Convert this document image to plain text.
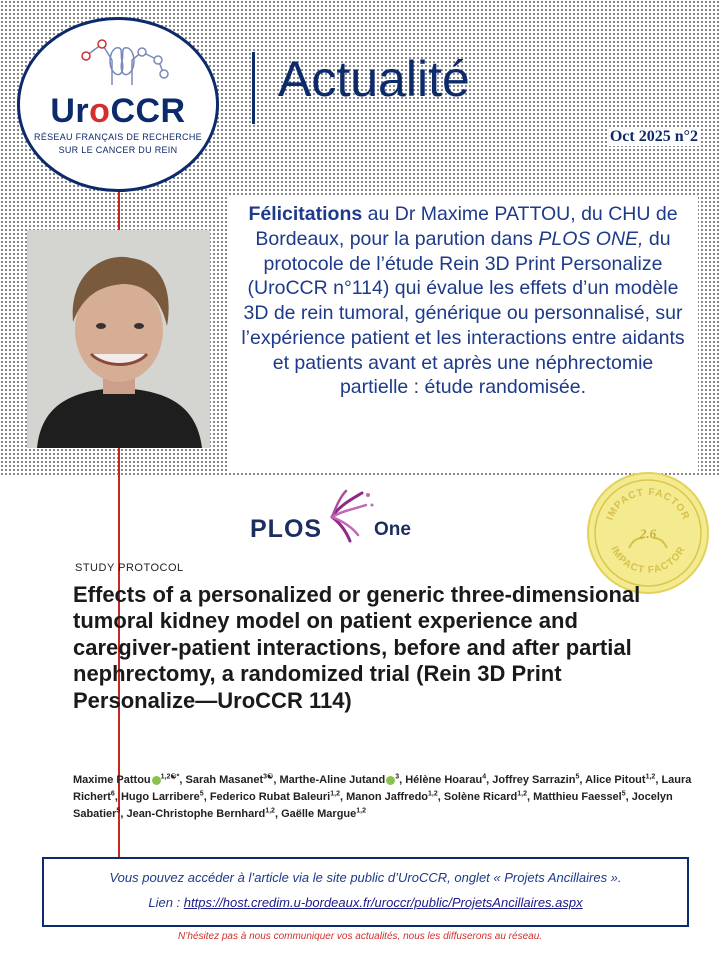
UroCCR
RÉSEAU FRANÇAIS DE RECHERCHE
SUR LE CANCER DU REIN
Actualité
Oct 2025 n°2
Félicitations au Dr Maxime PATTOU, du CHU de Bordeaux, pour la parution dans PLOS ONE, du protocole de l’étude Rein 3D Print Personalize (UroCCR n°114) qui évalue les effets d’un modèle 3D de rein tumoral, générique ou personnalisé, sur l’expérience patient et les interactions entre aidants et patients avant et après une néphrectomie partielle : étude randomisée.
PLOS	One
IMPACT FACTOR
IMPACT FACTOR
2.6
STUDY PROTOCOL
Effects of a personalized or generic three-dimensional tumoral kidney model on patient experience and caregiver-patient interactions, before and after partial nephrectomy, a randomized trial (Rein 3D Print Personalize—UroCCR 114)
Maxime Pattou $^{1,2☯*}$, Sarah Masanet$^{3☯}$, Marthe-Aline Jutand $^3$, Hélène Hoarau$^4$, Joffrey Sarrazin$^5$, Alice Pitout$^{1,2}$, Laura Richert$^6$, Hugo Larribere$^5$, Federico Rubat Baleuri$^{1,2}$, Manon Jaffredo$^{1,2}$, Solène Ricard$^{1,2}$, Matthieu Faessel$^5$, Jocelyn Sabatier$^5$, Jean-Christophe Bernhard$^{1,2}$, Gaëlle Margue$^{1,2}$
Vous pouvez accéder à l’article via le site public d’UroCCR, onglet « Projets Ancillaires ».
Lien : https://host.credim.u-bordeaux.fr/uroccr/public/ProjetsAncillaires.aspx
N’hésitez pas à nous communiquer vos actualités, nous les diffuserons au réseau.
